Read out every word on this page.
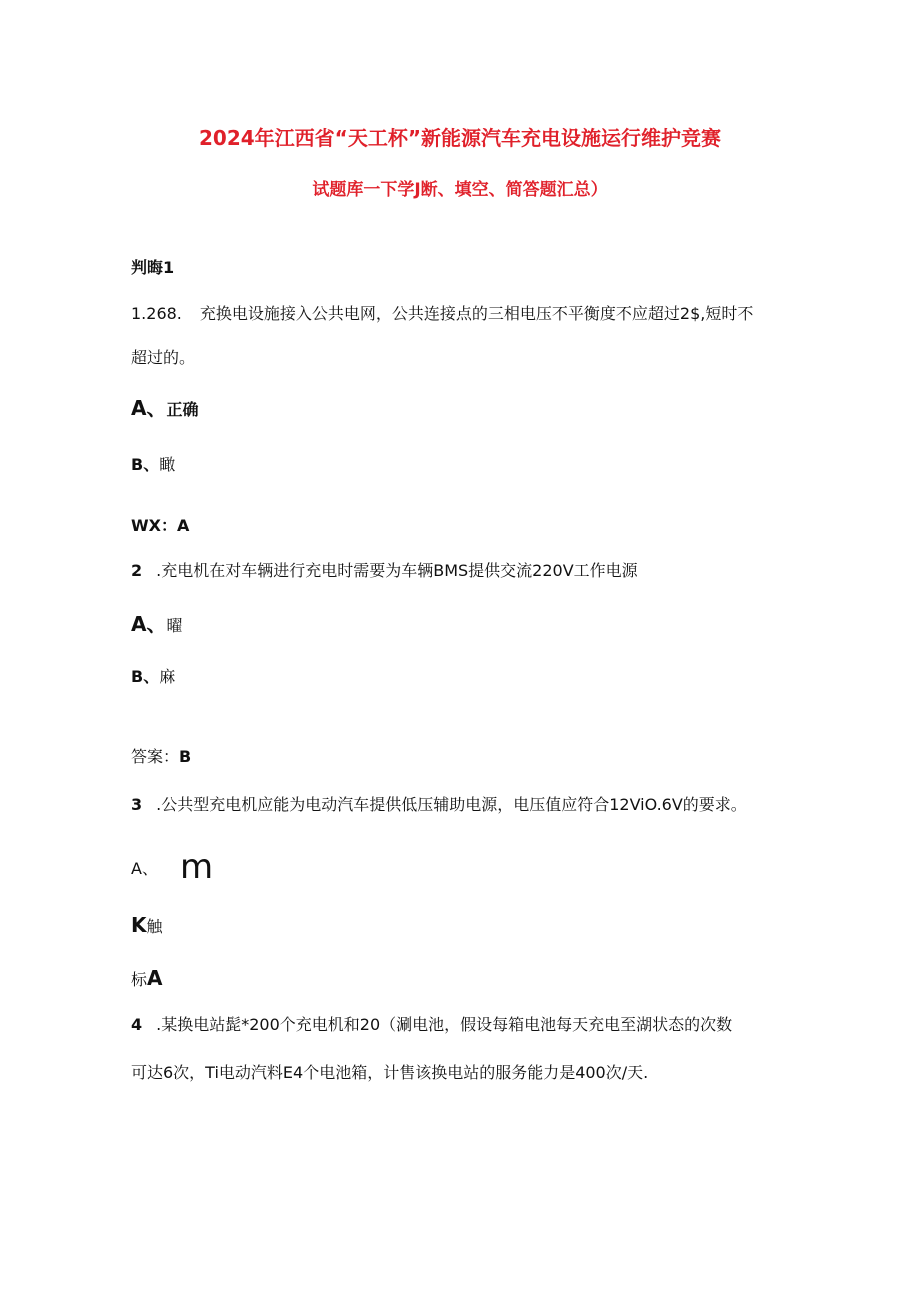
2024年江西省“天工杯”新能源汽车充电设施运行维护竞赛
试题库一下学J断、填空、简答题汇总）
判晦1
1.268. 充换电设施接入公共电网，公共连接点的三相电压不平衡度不应超过2$,短时不
超过的。
A、正确
B、瞰
WX：A
2 .充电机在对车辆进行充电时需要为车辆BMS提供交流220V工作电源
A、曜
B、麻
答案：B
3 .公共型充电机应能为电动汽车提供低压辅助电源，电压值应符合12ViO.6V的要求。
A、 m
K触
标A
4 .某换电站髭*200个充电机和20（涮电池，假设每箱电池每天充电至湖状态的次数
可达6次，Ti电动汽料E4个电池箱，计售该换电站的服务能力是400次/天.
